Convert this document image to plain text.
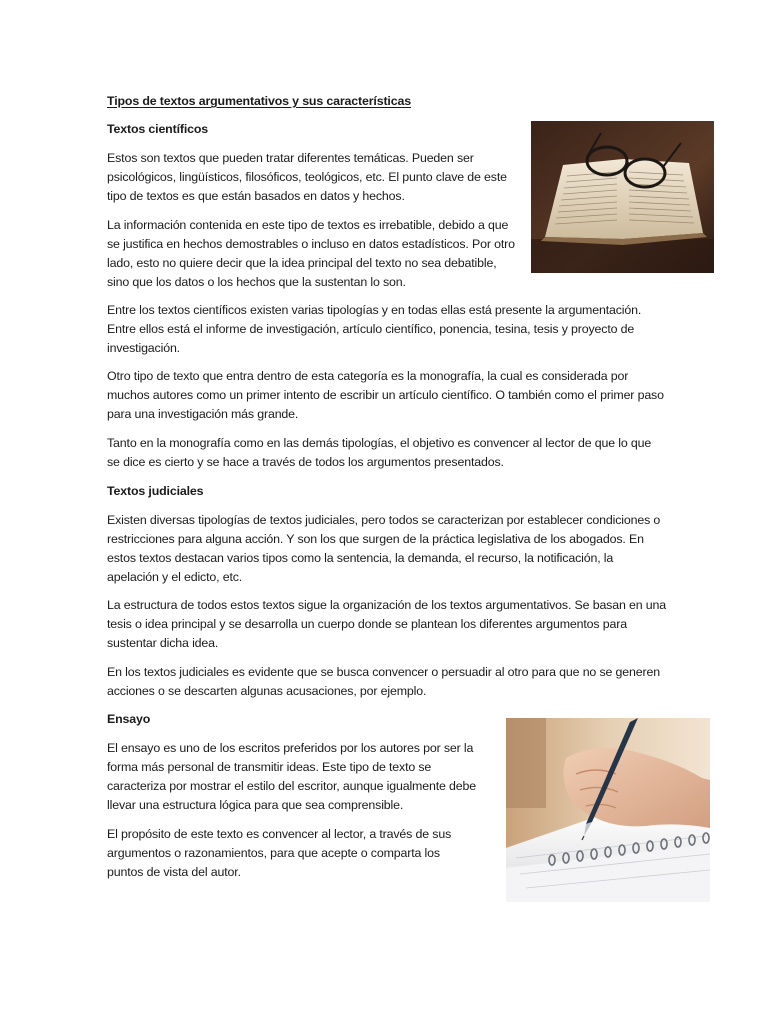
Tipos de textos argumentativos y sus características

Textos científicos

Estos son textos que pueden tratar diferentes temáticas. Pueden ser psicológicos, lingüísticos, filosóficos, teológicos, etc. El punto clave de este tipo de textos es que están basados en datos y hechos.

La información contenida en este tipo de textos es irrebatible, debido a que se justifica en hechos demostrables o incluso en datos estadísticos. Por otro lado, esto no quiere decir que la idea principal del texto no sea debatible, sino que los datos o los hechos que la sustentan lo son.

Entre los textos científicos existen varias tipologías y en todas ellas está presente la argumentación. Entre ellos está el informe de investigación, artículo científico, ponencia, tesina, tesis y proyecto de investigación.

Otro tipo de texto que entra dentro de esta categoría es la monografía, la cual es considerada por muchos autores como un primer intento de escribir un artículo científico. O también como el primer paso para una investigación más grande.

Tanto en la monografía como en las demás tipologías, el objetivo es convencer al lector de que lo que se dice es cierto y se hace a través de todos los argumentos presentados.

Textos judiciales

Existen diversas tipologías de textos judiciales, pero todos se caracterizan por establecer condiciones o restricciones para alguna acción. Y son los que surgen de la práctica legislativa de los abogados. En estos textos destacan varios tipos como la sentencia, la demanda, el recurso, la notificación, la apelación y el edicto, etc.

La estructura de todos estos textos sigue la organización de los textos argumentativos. Se basan en una tesis o idea principal y se desarrolla un cuerpo donde se plantean los diferentes argumentos para sustentar dicha idea.

En los textos judiciales es evidente que se busca convencer o persuadir al otro para que no se generen acciones o se descarten algunas acusaciones, por ejemplo.

Ensayo

El ensayo es uno de los escritos preferidos por los autores por ser la forma más personal de transmitir ideas. Este tipo de texto se caracteriza por mostrar el estilo del escritor, aunque igualmente debe llevar una estructura lógica para que sea comprensible.

El propósito de este texto es convencer al lector, a través de sus argumentos o razonamientos, para que acepte o comparta los puntos de vista del autor.
